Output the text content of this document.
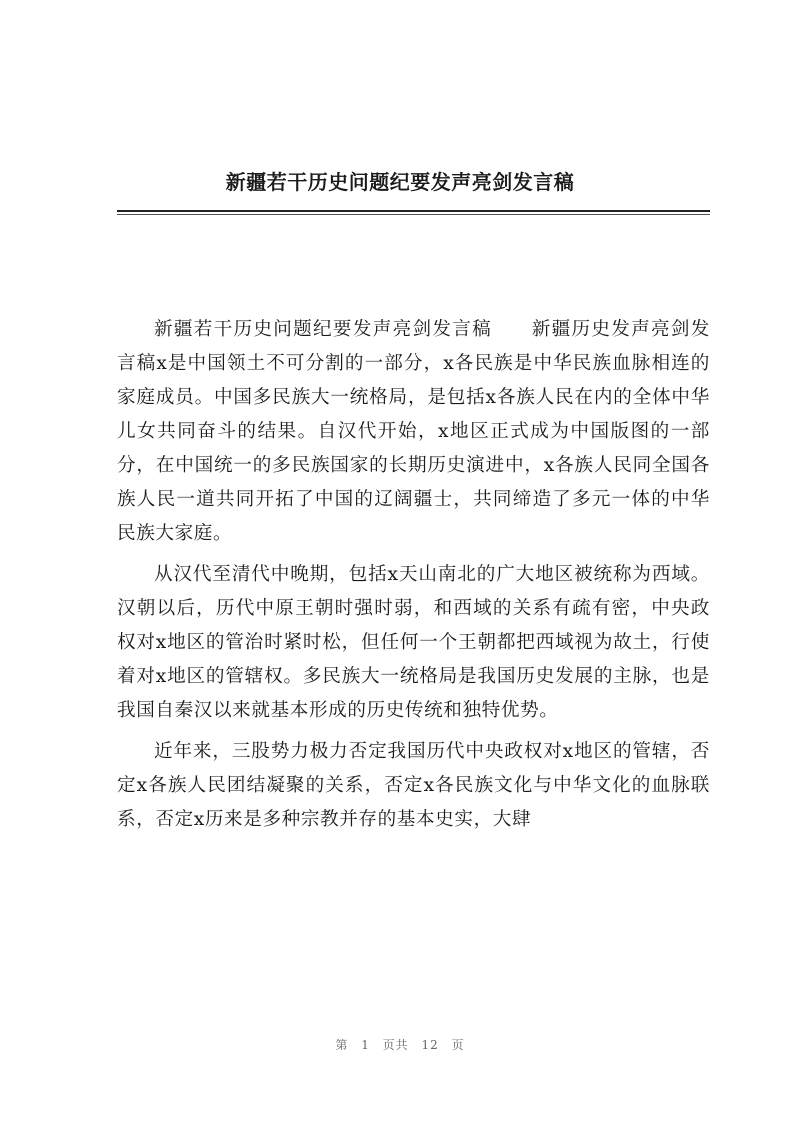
新疆若干历史问题纪要发声亮剑发言稿

新疆若干历史问题纪要发声亮剑发言稿　　新疆历史发声亮剑发言稿x是中国领土不可分割的一部分，x各民族是中华民族血脉相连的家庭成员。中国多民族大一统格局，是包括x各族人民在内的全体中华儿女共同奋斗的结果。自汉代开始，x地区正式成为中国版图的一部分，在中国统一的多民族国家的长期历史演进中，x各族人民同全国各族人民一道共同开拓了中国的辽阔疆士，共同缔造了多元一体的中华民族大家庭。

从汉代至清代中晚期，包括x天山南北的广大地区被统称为西域。汉朝以后，历代中原王朝时强时弱，和西域的关系有疏有密，中央政权对x地区的管治时紧时松，但任何一个王朝都把西域视为故土，行使着对x地区的管辖权。多民族大一统格局是我国历史发展的主脉，也是我国自秦汉以来就基本形成的历史传统和独特优势。

近年来，三股势力极力否定我国历代中央政权对x地区的管辖，否定x各族人民团结凝聚的关系，否定x各民族文化与中华文化的血脉联系，否定x历来是多种宗教并存的基本史实，大肆

第 1 页共 12 页
